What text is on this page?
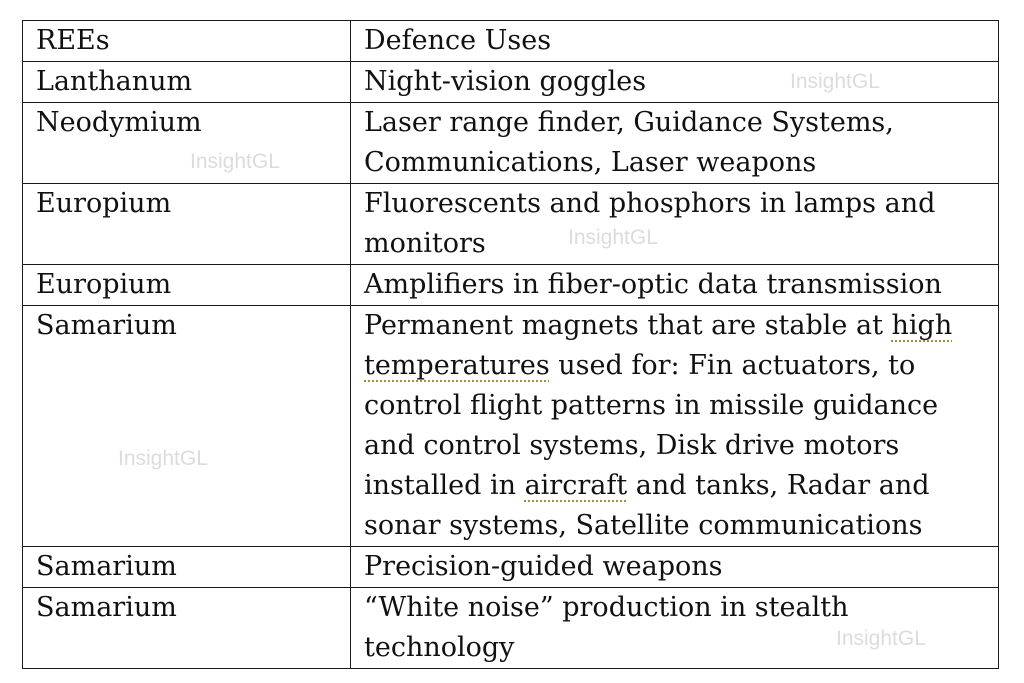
REEs	Defence Uses
Lanthanum	Night-vision goggles
Neodymium	Laser range finder, Guidance Systems, Communications, Laser weapons
Europium	Fluorescents and phosphors in lamps and monitors
Europium	Amplifiers in fiber-optic data transmission
Samarium	Permanent magnets that are stable at high temperatures used for: Fin actuators, to control flight patterns in missile guidance and control systems, Disk drive motors installed in aircraft and tanks, Radar and sonar systems, Satellite communications
Samarium	Precision-guided weapons
Samarium	“White noise” production in stealth technology
InsightGL
InsightGL
InsightGL
InsightGL
InsightGL
